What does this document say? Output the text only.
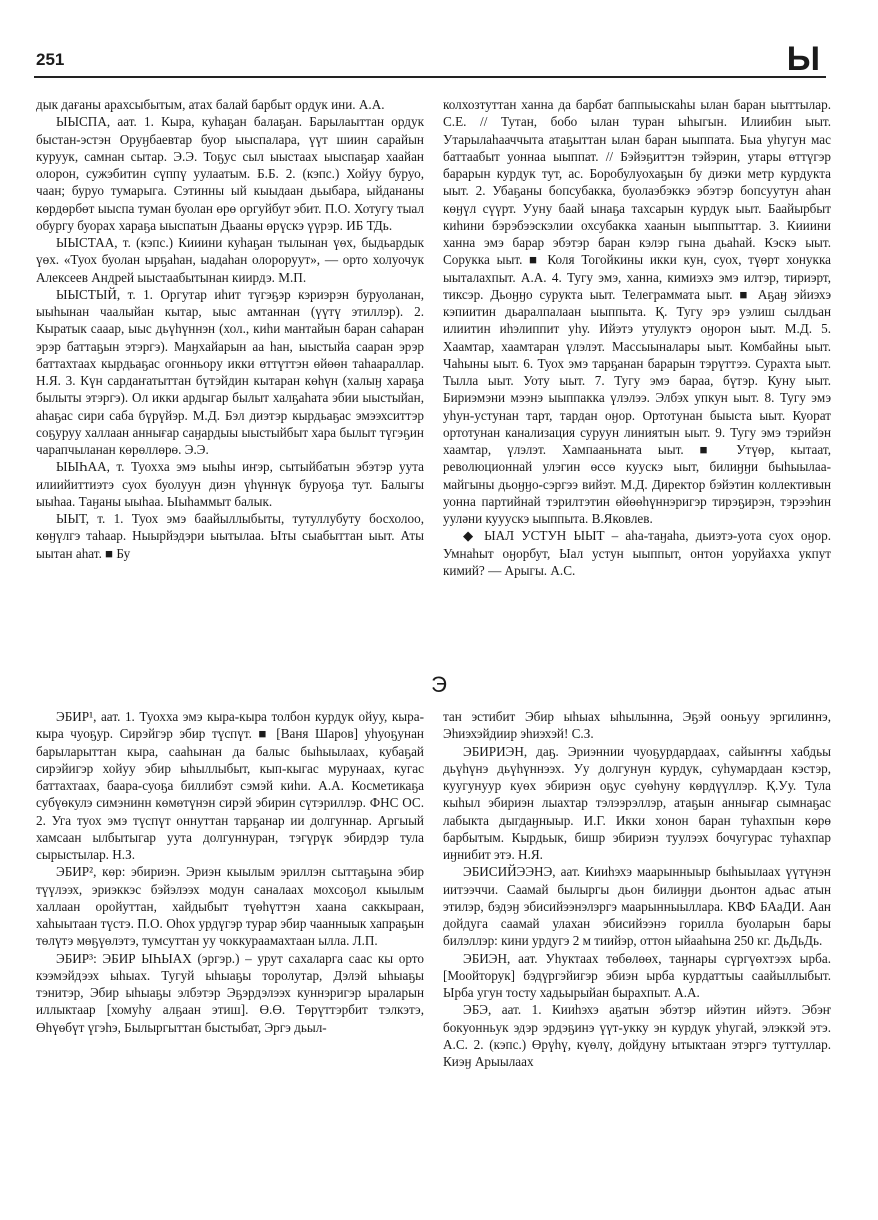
251	Ы

дык дағаны арахсыбытым, атах балай барбыт ордук ини. А.А.

ЫЫСПА, аат. 1. Кыра, куһаҕан балаҕан. Барылаыттан ордук быстан-эстэн Оруӈбаевтар буор ыыспалара, үүт шиин сарайын куруук, самнан сытар. Э.Э. Тоҕус сыл ыыстаах ыыспаҕар хаайан олорон, сужэбитин сүппү уулаатым. Б.Б. 2. (кэпс.) Хойуу буруо, чаан; буруо тумарыга. Сэтинны ый кыыдаан дьыбара, ыйдананы көрдөрбөт ыыспа туман буолан өрө оргуйбут эбит. П.О. Хотугу тыал обургу буорах хараҕа ыыспатын Дьааны өрүскэ үүрэр. ИБ ТДь.

ЫЫСТАА, т. (кэпс.) Кииини куһаҕан тылынан үөх, быдьардык үөх. «Туох буолан ырҕаһан, ыадаһан олороруут», — орто холуочук Алексеев Андрей ыыстаабытынан киирдэ. М.П.

ЫЫСТЫЙ, т. 1. Оргутар иһит түгэҕэр кэриэрэн буруоланан, ыыһынан чаалыйан кытар, ыыс амтаннан (үүтү этиллэр). 2. Кыратык сааар, ыыс дьүһүннэн (хол., киһи мантайын баран саһаран эрэр баттаҕын этэргэ). Маӈхайарын аа һан, ыыстыйа сааран эрэр баттахтаах кырдьаҕас огонньору икки өттүттэн өйөөн таһаараллар. Н.Я. 3. Күн сардаҥатыттан бүтэйдин кытаран көһүн (халыӈ хараҕа былыты этэргэ). Ол икки ардыгар былыт халҕаһата эбии ыыстыйан, аһаҕас сири саба бүрүйэр. М.Д. Бэл диэтэр кырдьаҕас эмээхситтэр соҕуруу халлаан аннығар саӈардыы ыыстыйбыт хара былыт түгэҕин чарапчыланан көрөллөрө. Э.Э.

ЫЫҺАА, т. Туохха эмэ ыыһы иҥэр, сытыйбатын эбэтэр уута илиийиттиэтэ суох буолуун диэн үһүннүк буруоҕа тут. Балыгы ыыһаа. Таӈаны ыыһаа. Ыыһаммыт балык.

ЫЫТ, т. 1. Туох эмэ баайыллыбыты, тутуллубуту босхолоо, көӈүлгэ таһаар. Ныырйэдэри ыытылаа. Ыты сыабыттан ыыт. Аты ыытан аһат. ■ Бу

колхозтуттан ханна да барбат баппыыскаһы ылан баран ыыттылар. С.Е. // Тутан, бобо ылан туран ыһыгын. Илиибин ыыт. Утарылаһааччыта атаҕыттан ылан баран ыыппата. Быа уһугун мас баттаабыт уоннаа ыыппат. // Бэйэҕиттэн тэйэрин, утары өттүгэр барарын курдук тут, ас. Боробулуохаҕын бу диэки метр курдукта ыыт. 2. Убаҕаны бопсубакка, буолаэбэккэ эбэтэр бопсуутун аһан көӈүл сүүрт. Ууну баай ынаҕа тахсарын курдук ыыт. Баайырбыт киһини бэрэбээскэлии охсубакка хаанын ыыппыттар. 3. Кииини ханна эмэ барар эбэтэр баран кэлэр гына дьаһай. Кэскэ ыыт. Сорукка ыыт. ■ Коля Тогойкины икки кун, суох, түөрт хонукка ыыталахпыт. А.А. 4. Тугу эмэ, ханна, кимиэхэ эмэ илтэр, тириэрт, тиксэр. Дьоӈӈо сурукта ыыт. Телеграммата ыыт. ■ Аҕаӈ эйиэхэ кэпиитин дьаралпалаан ыыппыта. Қ. Тугу эрэ уэлиш сылдьан илиитин иһэлиппит уһу. Ийэтэ утулуктэ оӈорон ыыт. М.Д. 5. Хаамтар, хаамтаран үлэлэт. Массыыналары ыыт. Комбайны ыыт. Чаһыны ыыт. 6. Туох эмэ тарҕанан барарын тэрүттээ. Сурахта ыыт. Тылла ыыт. Уоту ыыт. 7. Тугу эмэ бараа, бүтэр. Куну ыыт. Бириэмэни мээнэ ыыппакка үлэлээ. Элбэх упкун ыыт. 8. Тугу эмэ уһун-устунан тарт, тардан оӈор. Ортотунан быыста ыыт. Куорат ортотунан канализация суруун линиятын ыыт. 9. Тугу эмэ тэрийэн хаамтар, үлэлэт. Хампааньната ыыт. ■ Утүөр, кытаат, революционнай улэгин өссө куускэ ыыт, билиӈӈи быһыылаа-майгыны дьоӈӈо-сэргээ вийэт. М.Д. Директор бэйэтин коллективын уонна партийнай тэрилтэтин өйөөһүннэригэр тирэҕирэн, тэрээһин ууләни кууускэ ыыппыта. В.Яковлев.

◆ ЫАЛ УСТУН ЫЫТ – аһа-таӈаһа, дьиэтэ-уота суох оӈор. Умнаһыт оӈорбут, Ыал устун ыыппыт, онтон уоруйахха укпут кимий? — Арыгы. А.С.

Э

ЭБИР¹, аат. 1. Туохха эмэ кыра-кыра толбон курдук ойуу, кыра-кыра чуоҕур. Сирэйгэр эбир түспүт. ■ [Ваня Шаров] уһуоҕунан барыларыттан кыра, сааһынан да балыс быһыылаах, кубаҕай сирэйигэр хойуу эбир ыһыллыбыт, кып-кыгас мурунаах, кугас баттахтаах, баара-суоҕа биллибэт сэмэй киһи. А.А. Косметикаҕа субүөкулэ симэнинн көмөтүнэн сирэй эбирин сүтэриллэр. ФНС ОС. 2. Уга туох эмэ түспүт оннуттан тарҕанар ии долгуннар. Аргыый хамсаан ылбытыгар уута долгуннуран, тэгүрүк эбирдэр тула сырыстылар. Н.З.

ЭБИР², көр: эбириэн. Эриэн кыылым эриллэн сыттаҕына эбир түүлээх, эриэккэс бэйэлээх модун саналаах мохсоҕол кыылым халлаан оройуттан, хайдыбыт түөһүттэн хаана саккыраан, хаһыытаан түстэ. П.О. Оһох урдүгэр турар эбир чаанныык хапраҕын төлүтэ мөҕүөлэтэ, тумсуттан уу чоккураамахтаан ылла. Л.П.

ЭБИР³: ЭБИР ЫҺЫАХ (эргэр.) – урут сахаларга саас кы орто кээмэйдээх ыһыах. Тугуй ыһыаҕы торолутар, Дэлэй ыһыаҕы тэнитэр, Эбир ыһыаҕы элбэтэр Эҕэрдэлээх куннэригэр ыраларын иллыктаар [хомуһу алҕаан этиш]. Ө.Ө. Төрүттэрбит тэлкэтэ, Өһүөбүт үгэһэ, Былыргыттан быстыбат, Эргэ дьыл-

тан эстибит Эбир ыһыах ыһылынна, Эҕэй ооньуу эргилиннэ, Эһиэхэйдиир эһиэхэй! С.З.

ЭБИРИЭН, даҕ. Эриэннии чуоҕурдардаах, сайыҥҥы хабдьы дьүһүнэ дьүһүннээх. Уу долгунун курдук, суһумардаан кэстэр, куугунуур куөх эбириэн оҕус суөһуну көрдүүллэр. Қ.Уу. Тула кыһыл эбириэн лыахтар тэлээрэллэр, атаҕын аннығар сымнаҕас лабыкта дыгдаӈныыр. И.Г. Икки хонон баран туһахпын көрө барбытым. Кырдьык, бишр эбириэн туулээх бочугурас туһахпар иӈнибит этэ. Н.Я.

ЭБИСИЙЭЭНЭ, аат. Кииһэхэ маарынныыр быһыылаах үүтүнэн иитээччи. Саамай былыргы дьон билиӈӈи дьонтон адьас атын этилэр, бэдэӈ эбисийээнэлэргэ маарынныыллара. КВФ БАаДИ. Аан дойдуга саамай улахан эбисийээнэ горилла буоларын бары билэллэр: кини урдугэ 2 м тиийэр, оттон ыйааһына 250 кг. ДьДьДь.

ЭБИЭН, аат. Уһуктаах төбөлөөх, таӈнары сүргүөхтээх ырба. [Моойторук] бэдүргэйигэр эбиэн ырба курдаттыы саайыллыбыт. Ырба угун тосту хадьырыйан бырахпыт. А.А.

ЭБЭ, аат. 1. Кииһэхэ аҕатын эбэтэр ийэтин ийэтэ. Эбэҥ бокуонньук эдэр эрдэҕинэ үүт-укку эн курдук уһугай, элэккэй этэ. А.С. 2. (кэпс.) Өрүһү, күөлү, дойдуну ытыктаан этэргэ туттуллар. Киэӈ Арыылаах
